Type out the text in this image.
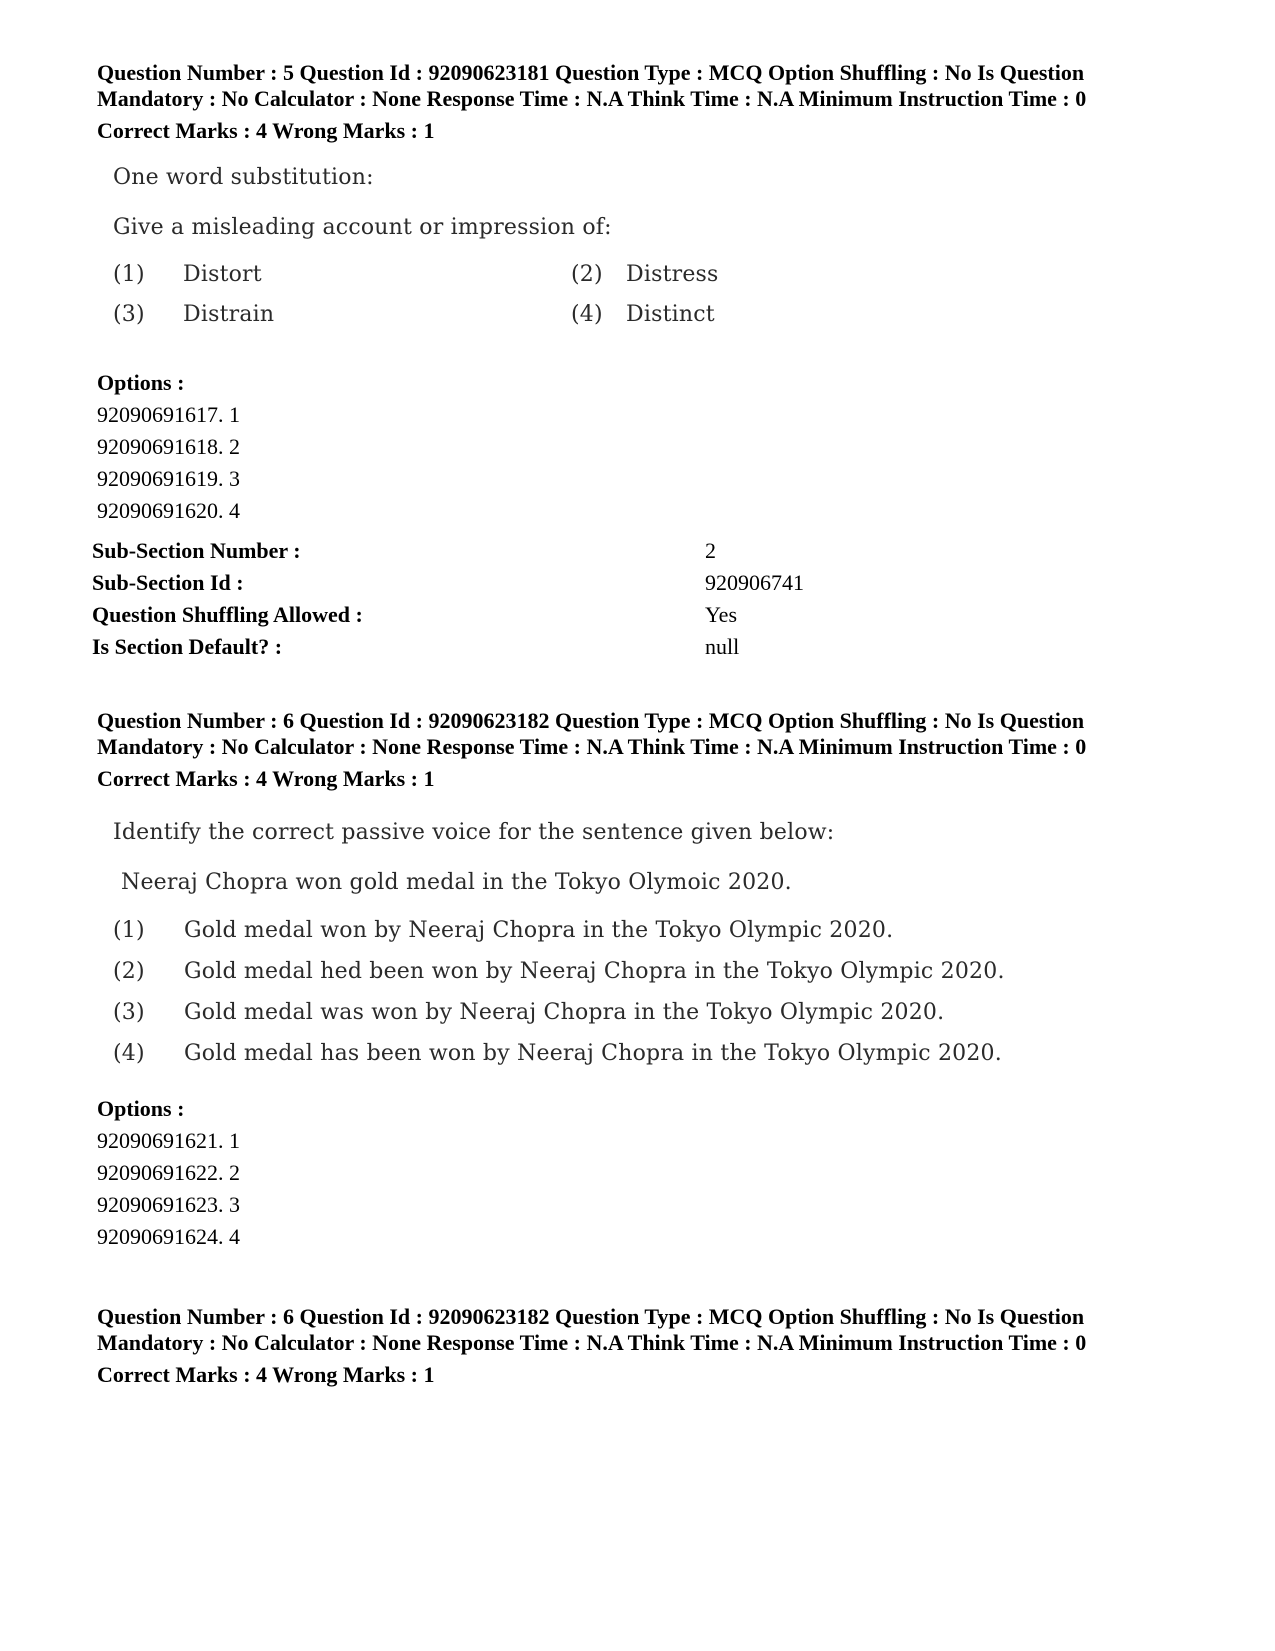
Question Number : 5 Question Id : 92090623181 Question Type : MCQ Option Shuffling : No Is Question
Mandatory : No Calculator : None Response Time : N.A Think Time : N.A Minimum Instruction Time : 0
Correct Marks : 4 Wrong Marks : 1
One word substitution:
Give a misleading account or impression of:
(1) Distort	(2) Distress
(3) Distrain	(4) Distinct
Options :
92090691617. 1
92090691618. 2
92090691619. 3
92090691620. 4
Sub-Section Number :	2
Sub-Section Id :	920906741
Question Shuffling Allowed :	Yes
Is Section Default? :	null
Question Number : 6 Question Id : 92090623182 Question Type : MCQ Option Shuffling : No Is Question
Mandatory : No Calculator : None Response Time : N.A Think Time : N.A Minimum Instruction Time : 0
Correct Marks : 4 Wrong Marks : 1
Identify the correct passive voice for the sentence given below:
Neeraj Chopra won gold medal in the Tokyo Olymoic 2020.
(1) Gold medal won by Neeraj Chopra in the Tokyo Olympic 2020.
(2) Gold medal hed been won by Neeraj Chopra in the Tokyo Olympic 2020.
(3) Gold medal was won by Neeraj Chopra in the Tokyo Olympic 2020.
(4) Gold medal has been won by Neeraj Chopra in the Tokyo Olympic 2020.
Options :
92090691621. 1
92090691622. 2
92090691623. 3
92090691624. 4
Question Number : 6 Question Id : 92090623182 Question Type : MCQ Option Shuffling : No Is Question
Mandatory : No Calculator : None Response Time : N.A Think Time : N.A Minimum Instruction Time : 0
Correct Marks : 4 Wrong Marks : 1
